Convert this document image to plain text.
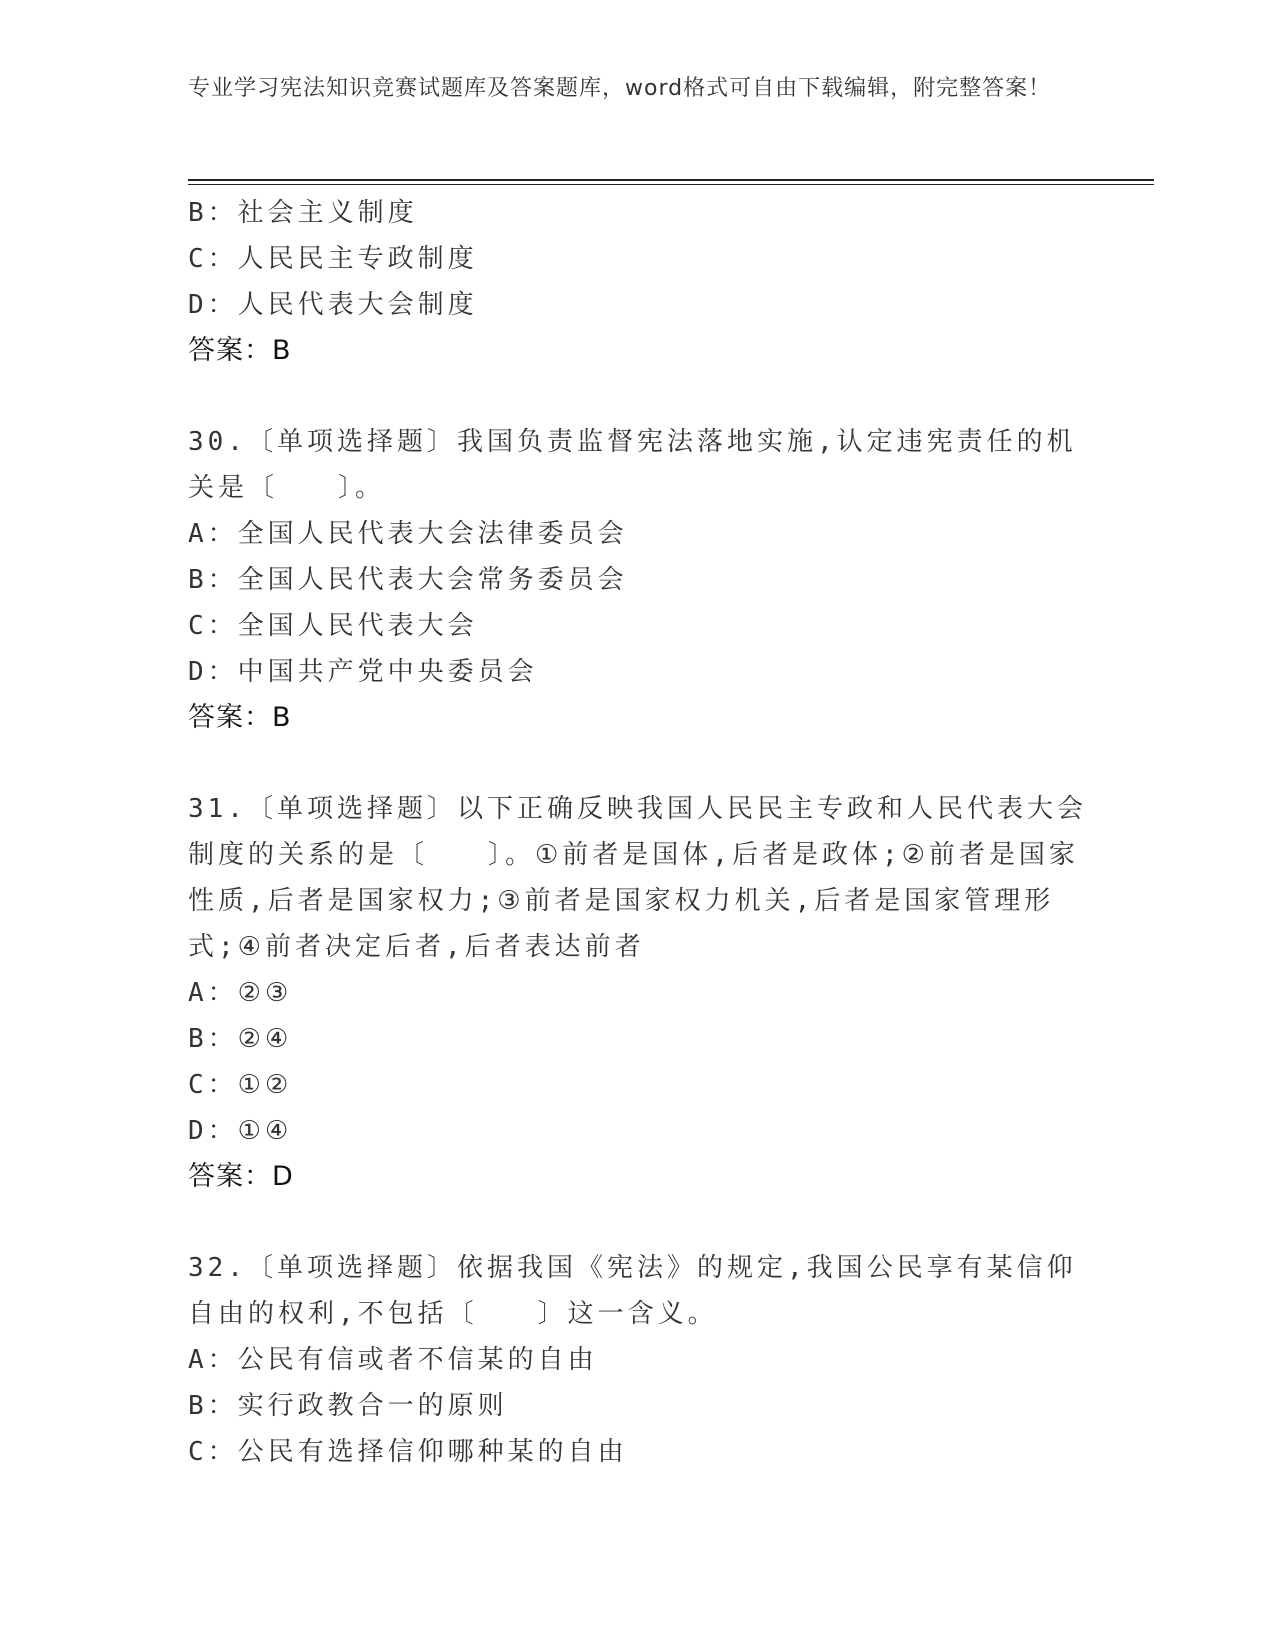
专业学习宪法知识竞赛试题库及答案题库，word格式可自由下载编辑，附完整答案！
B：社会主义制度
C：人民民主专政制度
D：人民代表大会制度
答案：B
30.〔单项选择题〕我国负责监督宪法落地实施,认定违宪责任的机关是〔　　〕。
A：全国人民代表大会法律委员会
B：全国人民代表大会常务委员会
C：全国人民代表大会
D：中国共产党中央委员会
答案：B
31.〔单项选择题〕以下正确反映我国人民民主专政和人民代表大会制度的关系的是〔　　〕。①前者是国体,后者是政体;②前者是国家性质,后者是国家权力;③前者是国家权力机关,后者是国家管理形式;④前者决定后者,后者表达前者
A：②③
B：②④
C：①②
D：①④
答案：D
32.〔单项选择题〕依据我国《宪法》的规定,我国公民享有某信仰自由的权利,不包括〔　　〕这一含义。
A：公民有信或者不信某的自由
B：实行政教合一的原则
C：公民有选择信仰哪种某的自由
